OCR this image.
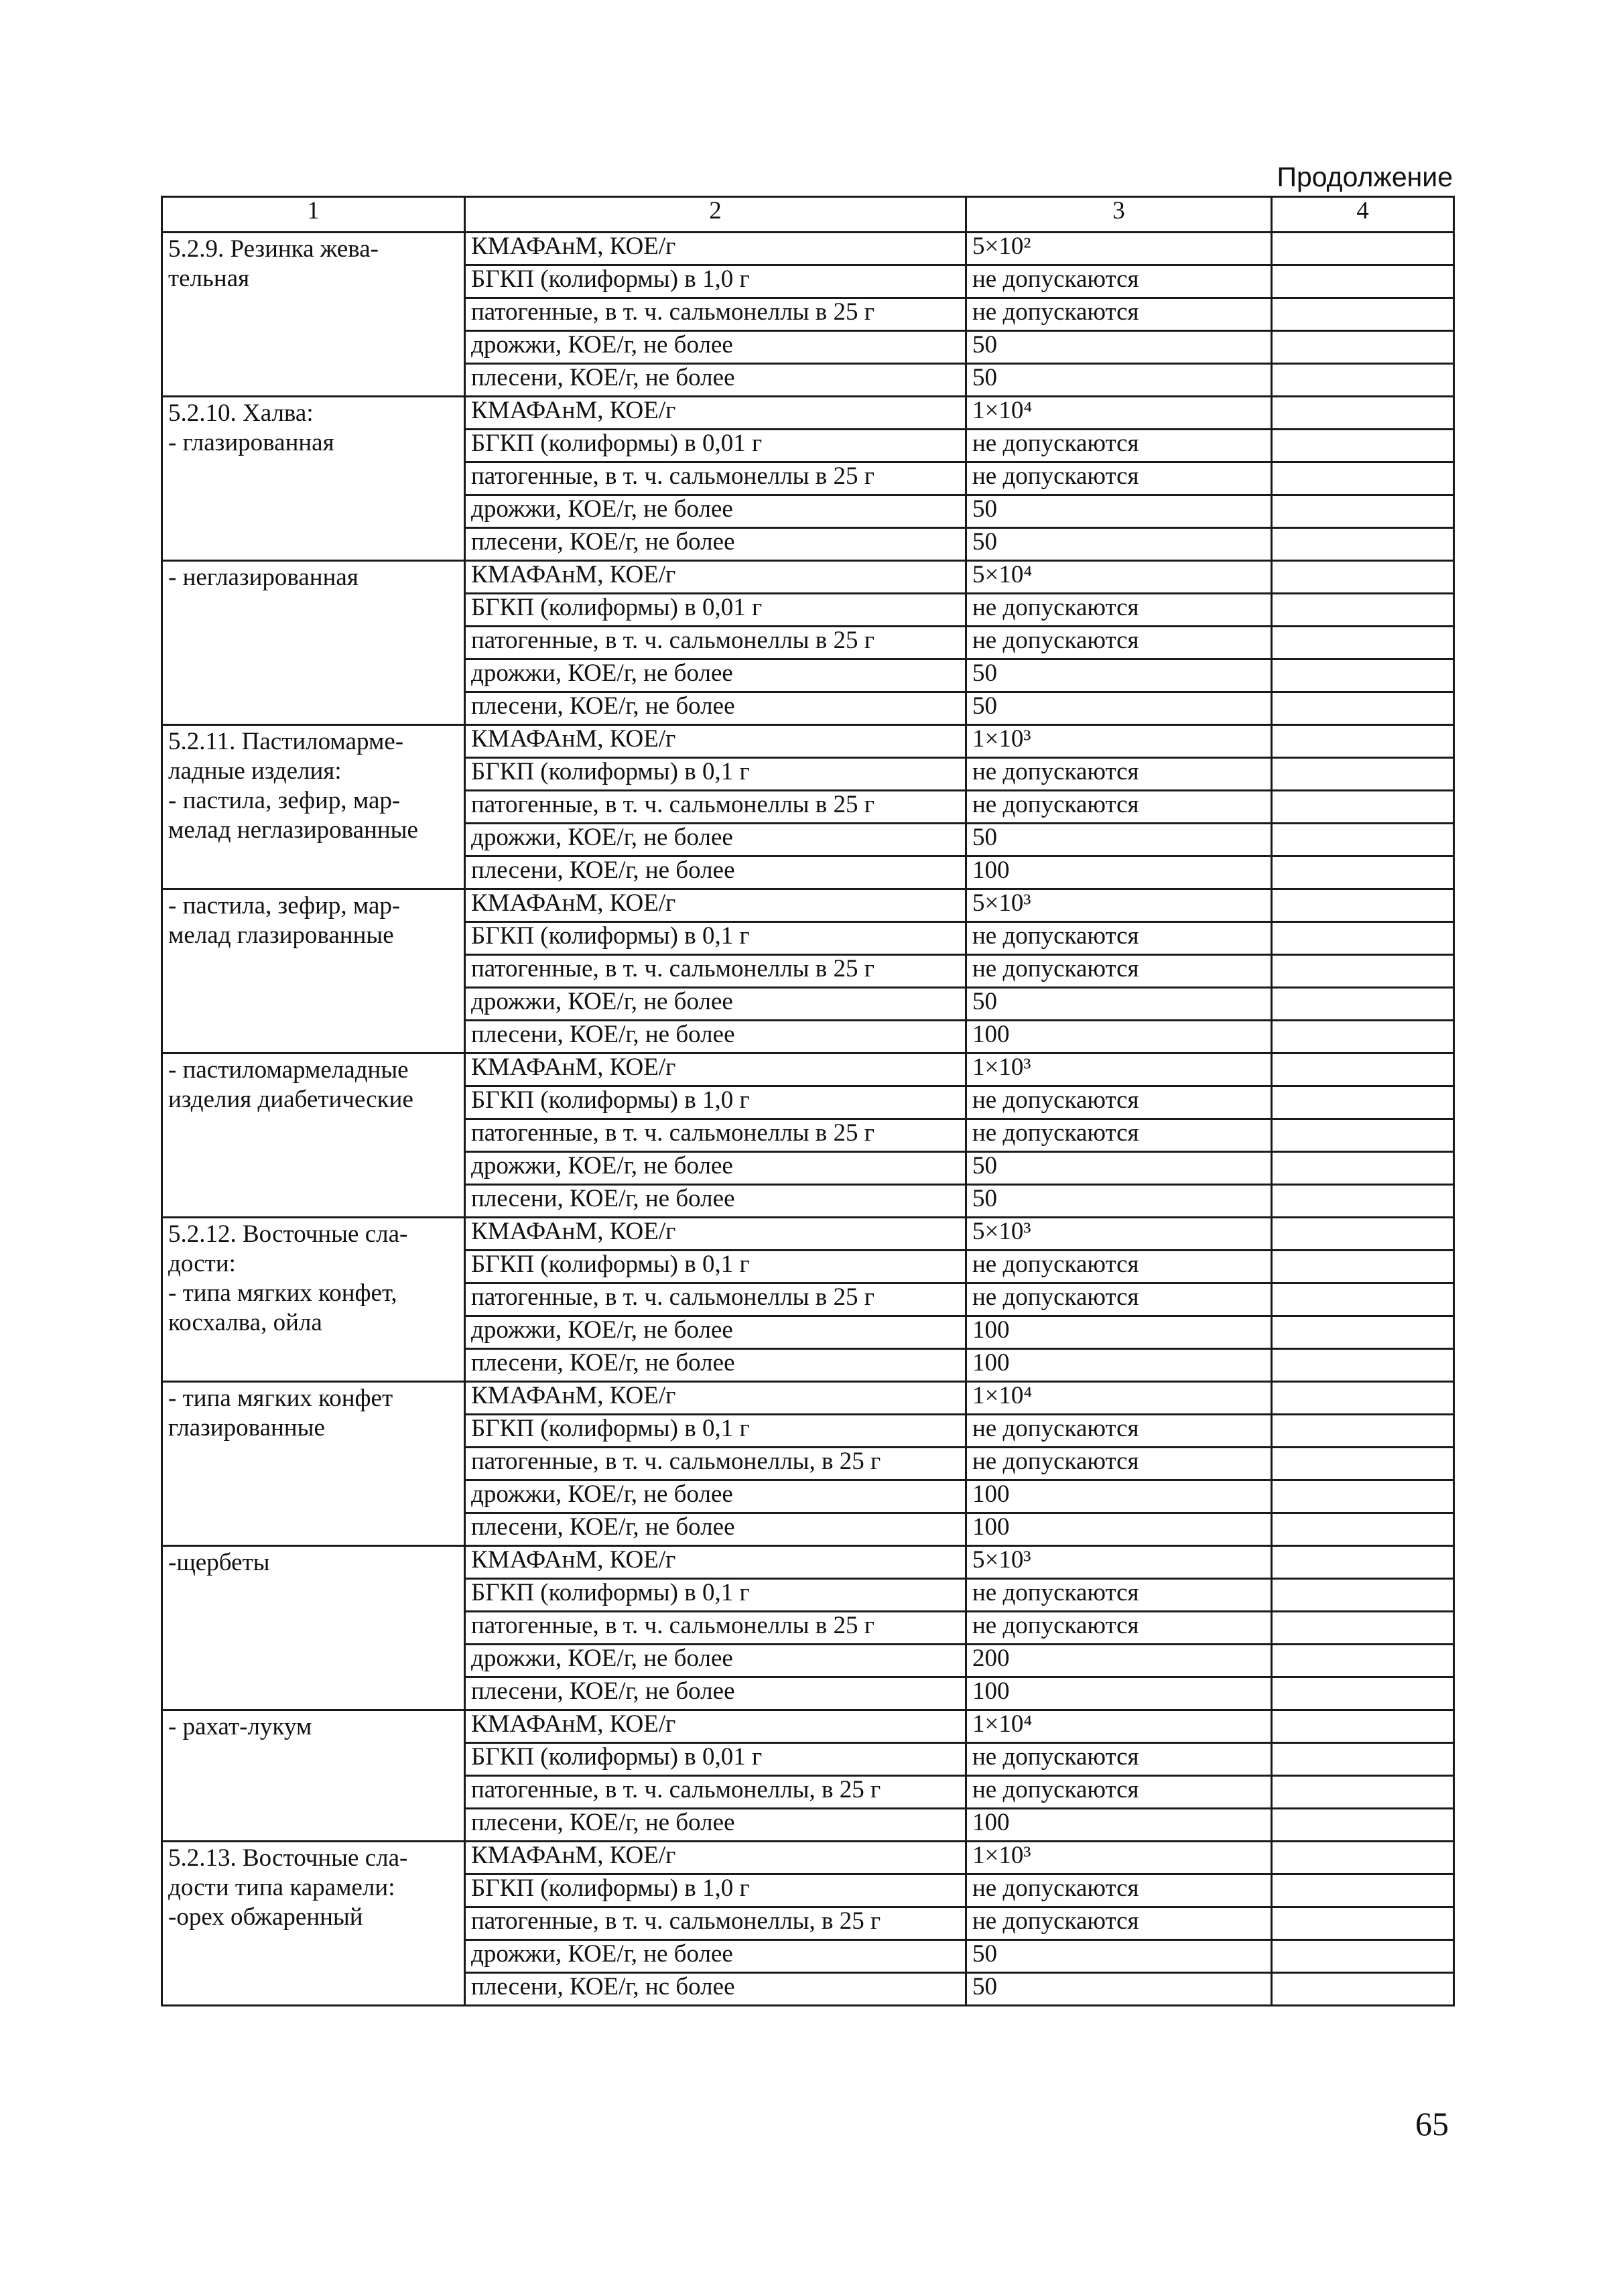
Продолжение
1	2	3	4
5.2.9. Резинка жева-
тельная	КМАФАнМ, КОЕ/г	5×10²	
	БГКП (колиформы) в 1,0 г	не допускаются	
	патогенные, в т. ч. сальмонеллы в 25 г	не допускаются	
	дрожжи, КОЕ/г, не более	50	
	плесени, КОЕ/г, не более	50	
5.2.10. Халва:
- глазированная	КМАФАнМ, КОЕ/г	1×10⁴	
	БГКП (колиформы) в 0,01 г	не допускаются	
	патогенные, в т. ч. сальмонеллы в 25 г	не допускаются	
	дрожжи, КОЕ/г, не более	50	
	плесени, КОЕ/г, не более	50	
- неглазированная	КМАФАнМ, КОЕ/г	5×10⁴	
	БГКП (колиформы) в 0,01 г	не допускаются	
	патогенные, в т. ч. сальмонеллы в 25 г	не допускаются	
	дрожжи, КОЕ/г, не более	50	
	плесени, КОЕ/г, не более	50	
5.2.11. Пастиломарме-
ладные изделия:
- пастила, зефир, мар-
мелад неглазированные	КМАФАнМ, КОЕ/г	1×10³	
	БГКП (колиформы) в 0,1 г	не допускаются	
	патогенные, в т. ч. сальмонеллы в 25 г	не допускаются	
	дрожжи, КОЕ/г, не более	50	
	плесени, КОЕ/г, не более	100	
- пастила, зефир, мар-
мелад глазированные	КМАФАнМ, КОЕ/г	5×10³	
	БГКП (колиформы) в 0,1 г	не допускаются	
	патогенные, в т. ч. сальмонеллы в 25 г	не допускаются	
	дрожжи, КОЕ/г, не более	50	
	плесени, КОЕ/г, не более	100	
- пастиломармеладные
изделия диабетические	КМАФАнМ, КОЕ/г	1×10³	
	БГКП (колиформы) в 1,0 г	не допускаются	
	патогенные, в т. ч. сальмонеллы в 25 г	не допускаются	
	дрожжи, КОЕ/г, не более	50	
	плесени, КОЕ/г, не более	50	
5.2.12. Восточные сла-
дости:
- типа мягких конфет,
косхалва, ойла	КМАФАнМ, КОЕ/г	5×10³	
	БГКП (колиформы) в 0,1 г	не допускаются	
	патогенные, в т. ч. сальмонеллы в 25 г	не допускаются	
	дрожжи, КОЕ/г, не более	100	
	плесени, КОЕ/г, не более	100	
- типа мягких конфет
глазированные	КМАФАнМ, КОЕ/г	1×10⁴	
	БГКП (колиформы) в 0,1 г	не допускаются	
	патогенные, в т. ч. сальмонеллы, в 25 г	не допускаются	
	дрожжи, КОЕ/г, не более	100	
	плесени, КОЕ/г, не более	100	
-щербеты	КМАФАнМ, КОЕ/г	5×10³	
	БГКП (колиформы) в 0,1 г	не допускаются	
	патогенные, в т. ч. сальмонеллы в 25 г	не допускаются	
	дрожжи, КОЕ/г, не более	200	
	плесени, КОЕ/г, не более	100	
- рахат-лукум	КМАФАнМ, КОЕ/г	1×10⁴	
	БГКП (колиформы) в 0,01 г	не допускаются	
	патогенные, в т. ч. сальмонеллы, в 25 г	не допускаются	
	плесени, КОЕ/г, не более	100	
5.2.13. Восточные сла-
дости типа карамели:
-орех обжаренный	КМАФАнМ, КОЕ/г	1×10³	
	БГКП (колиформы) в 1,0 г	не допускаются	
	патогенные, в т. ч. сальмонеллы, в 25 г	не допускаются	
	дрожжи, КОЕ/г, не более	50	
	плесени, КОЕ/г, нс более	50	
65
